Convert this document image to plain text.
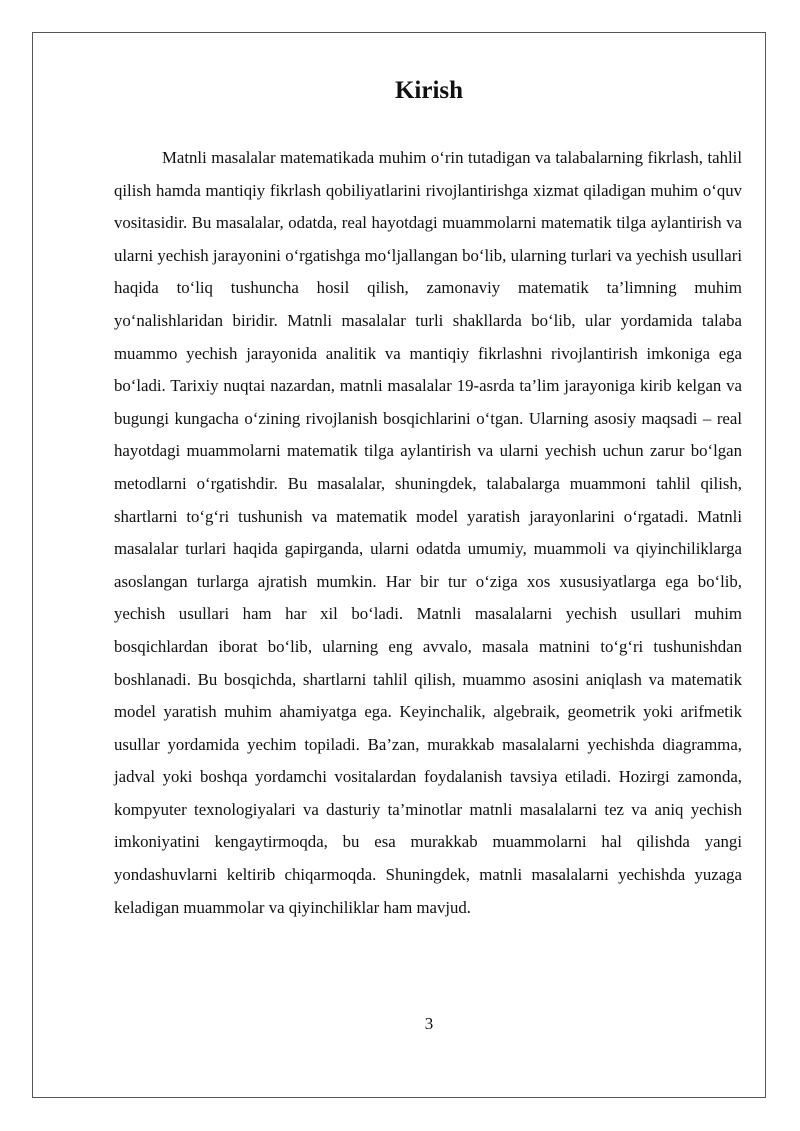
Kirish

Matnli masalalar matematikada muhim o‘rin tutadigan va talabalarning fikrlash, tahlil qilish hamda mantiqiy fikrlash qobiliyatlarini rivojlantirishga xizmat qiladigan muhim o‘quv vositasidir. Bu masalalar, odatda, real hayotdagi muammolarni matematik tilga aylantirish va ularni yechish jarayonini o‘rgatishga mo‘ljallangan bo‘lib, ularning turlari va yechish usullari haqida to‘liq tushuncha hosil qilish, zamonaviy matematik ta’limning muhim yo‘nalishlaridan biridir. Matnli masalalar turli shakllarda bo‘lib, ular yordamida talaba muammo yechish jarayonida analitik va mantiqiy fikrlashni rivojlantirish imkoniga ega bo‘ladi. Tarixiy nuqtai nazardan, matnli masalalar 19-asrda ta’lim jarayoniga kirib kelgan va bugungi kungacha o‘zining rivojlanish bosqichlarini o‘tgan. Ularning asosiy maqsadi – real hayotdagi muammolarni matematik tilga aylantirish va ularni yechish uchun zarur bo‘lgan metodlarni o‘rgatishdir. Bu masalalar, shuningdek, talabalarga muammoni tahlil qilish, shartlarni to‘g‘ri tushunish va matematik model yaratish jarayonlarini o‘rgatadi. Matnli masalalar turlari haqida gapirganda, ularni odatda umumiy, muammoli va qiyinchiliklarga asoslangan turlarga ajratish mumkin. Har bir tur o‘ziga xos xususiyatlarga ega bo‘lib, yechish usullari ham har xil bo‘ladi. Matnli masalalarni yechish usullari muhim bosqichlardan iborat bo‘lib, ularning eng avvalo, masala matnini to‘g‘ri tushunishdan boshlanadi. Bu bosqichda, shartlarni tahlil qilish, muammo asosini aniqlash va matematik model yaratish muhim ahamiyatga ega. Keyinchalik, algebraik, geometrik yoki arifmetik usullar yordamida yechim topiladi. Ba’zan, murakkab masalalarni yechishda diagramma, jadval yoki boshqa yordamchi vositalardan foydalanish tavsiya etiladi. Hozirgi zamonda, kompyuter texnologiyalari va dasturiy ta’minotlar matnli masalalarni tez va aniq yechish imkoniyatini kengaytirmoqda, bu esa murakkab muammolarni hal qilishda yangi yondashuvlarni keltirib chiqarmoqda. Shuningdek, matnli masalalarni yechishda yuzaga keladigan muammolar va qiyinchiliklar ham mavjud.

3
